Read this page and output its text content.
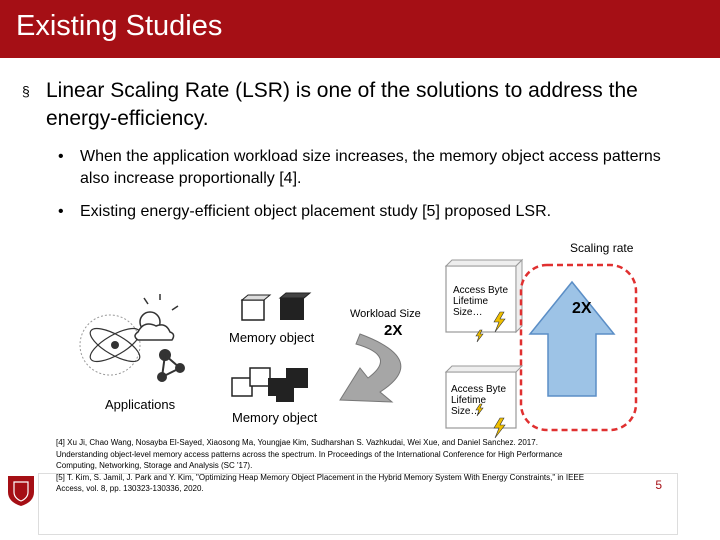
Existing Studies
§ Linear Scaling Rate (LSR) is one of the solutions to address the energy-efficiency.
• When the application workload size increases, the memory object access patterns also increase proportionally [4].
• Existing energy-efficient object placement study [5] proposed LSR.
Applications
Memory object
Memory object
Workload Size
2X
Scaling rate
2X
Access Byte
Lifetime
Size…
Access Byte
Lifetime
Size…
[4] Xu Ji, Chao Wang, Nosayba El-Sayed, Xiaosong Ma, Youngjae Kim, Sudharshan S. Vazhkudai, Wei Xue, and Daniel Sanchez. 2017.
Understanding object-level memory access patterns across the spectrum. In Proceedings of the International Conference for High Performance
Computing, Networking, Storage and Analysis (SC '17).
[5] T. Kim, S. Jamil, J. Park and Y. Kim, "Optimizing Heap Memory Object Placement in the Hybrid Memory System With Energy Constraints," in IEEE
Access, vol. 8, pp. 130323-130336, 2020.	5
